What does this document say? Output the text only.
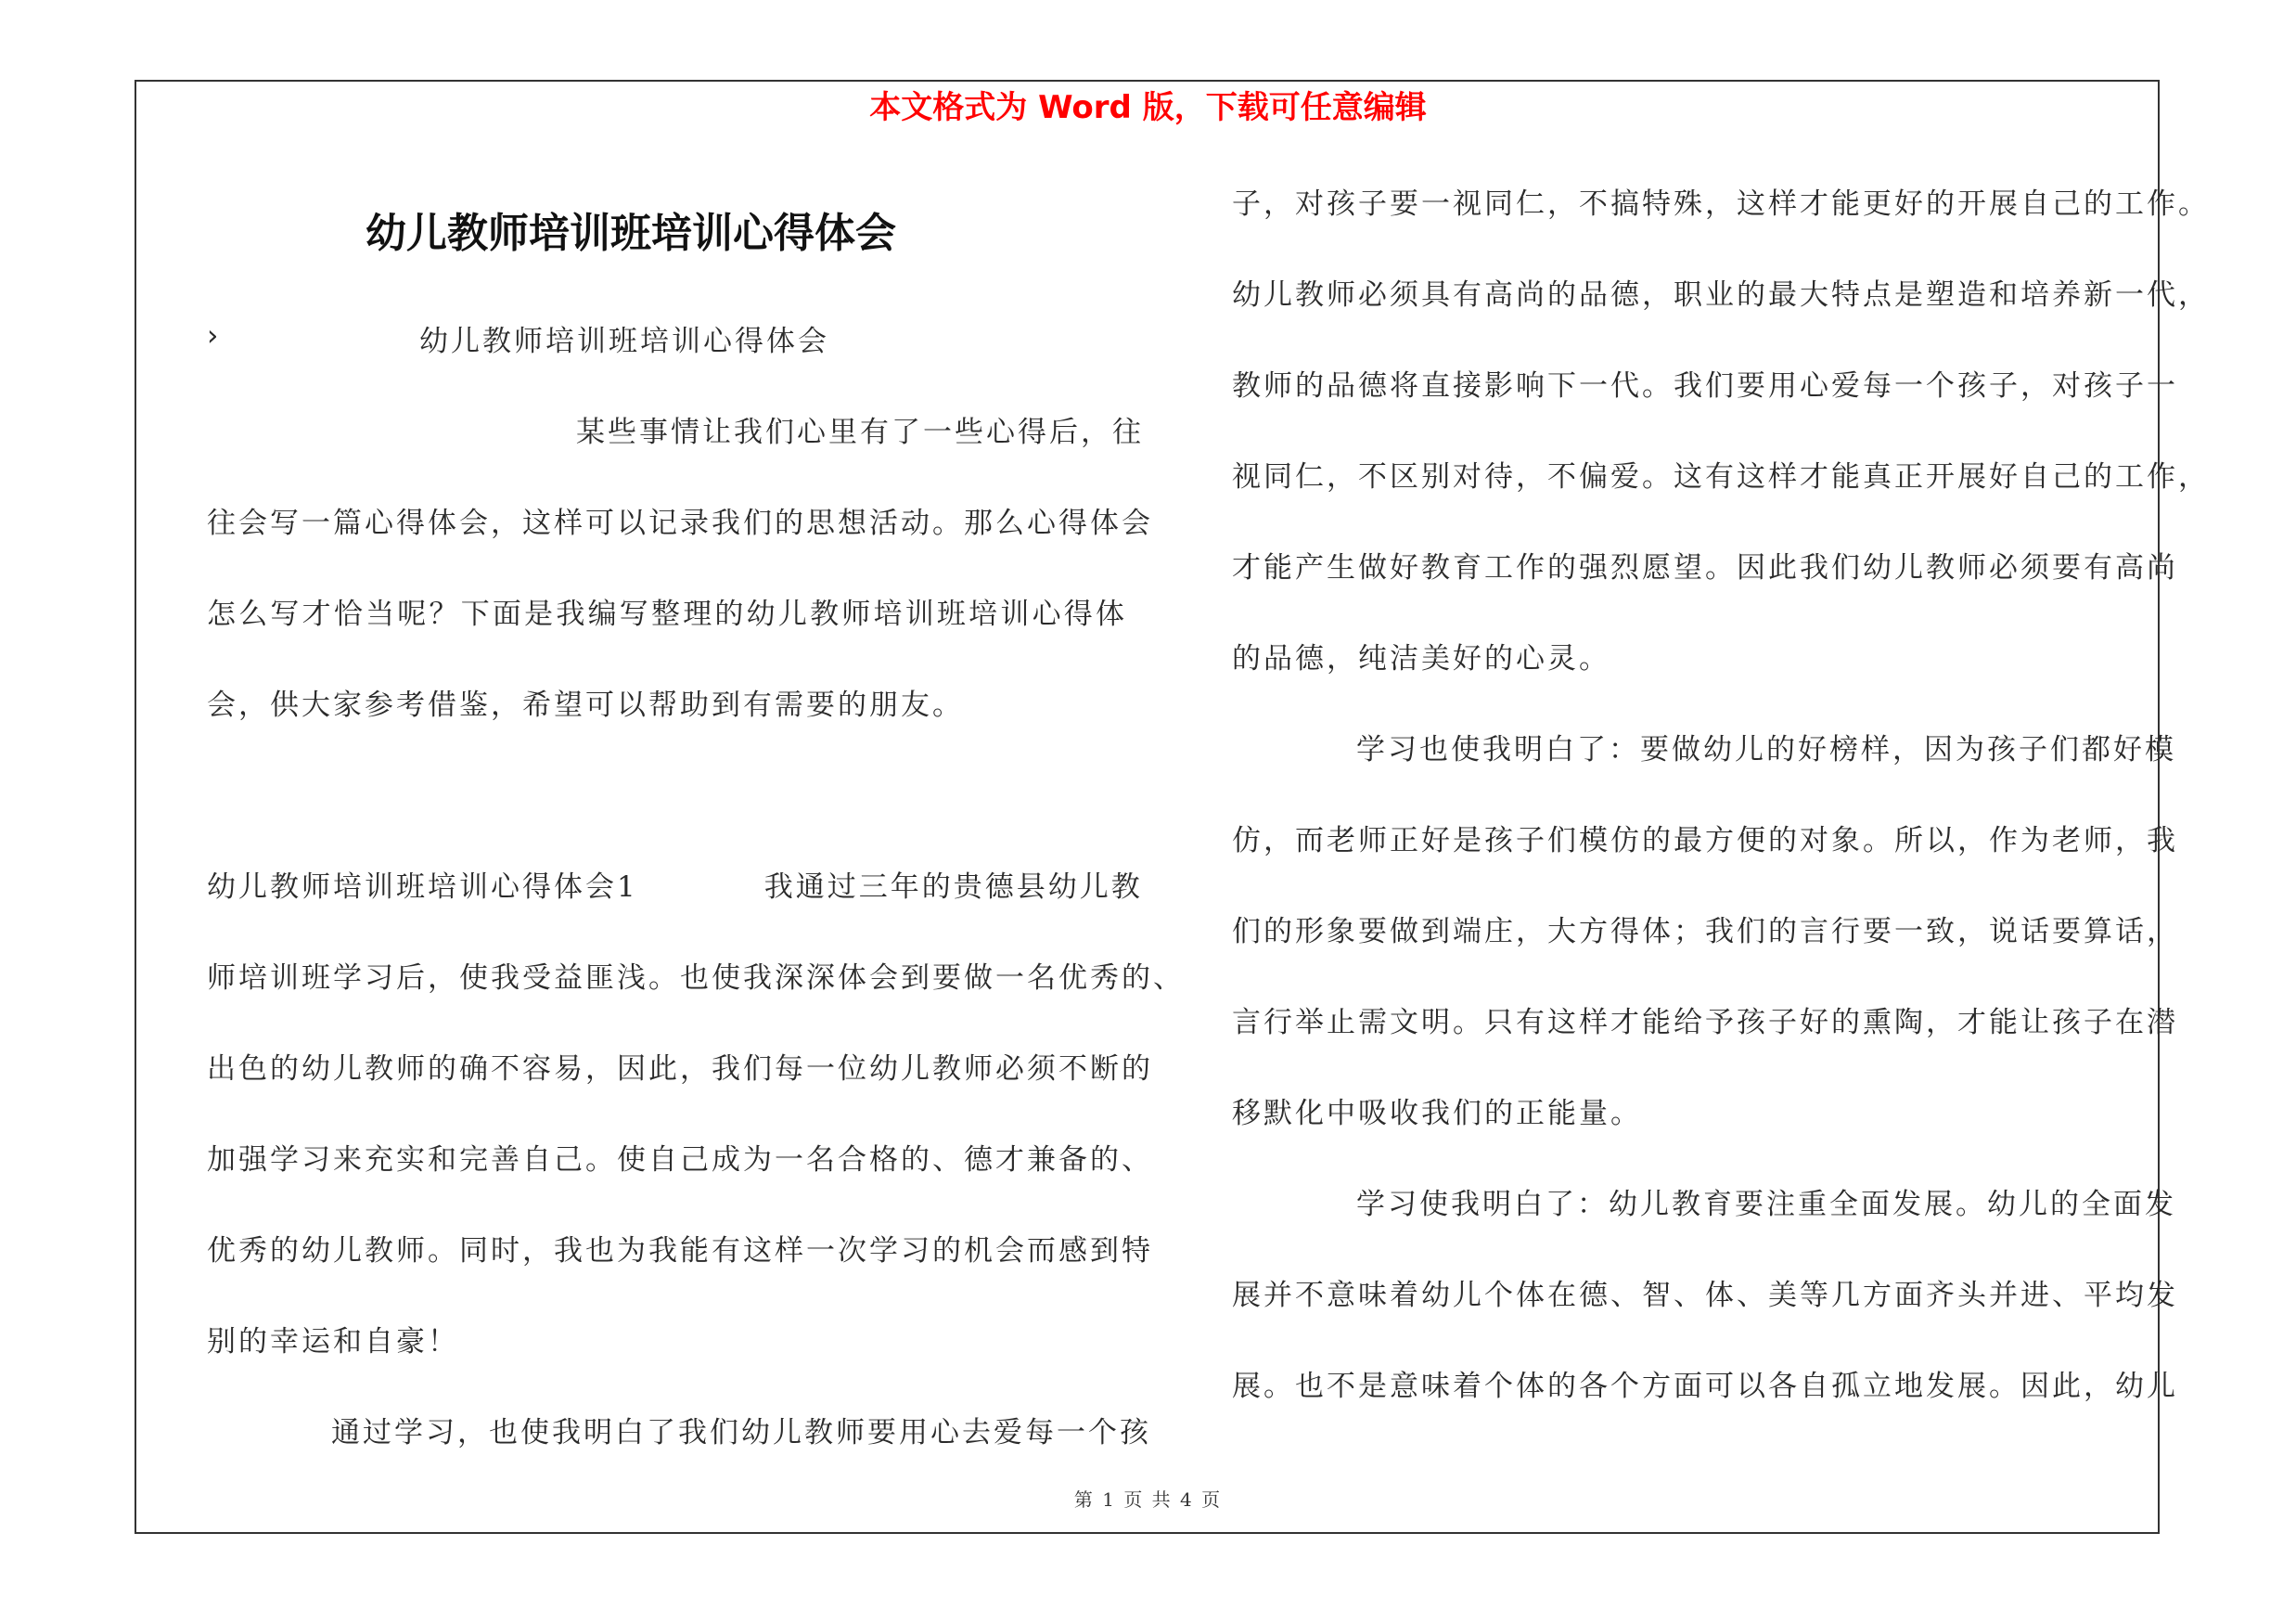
本文格式为 Word 版，下载可任意编辑
幼儿教师培训班培训心得体会
›	幼儿教师培训班培训心得体会
某些事情让我们心里有了一些心得后，往
往会写一篇心得体会，这样可以记录我们的思想活动。那么心得体会
怎么写才恰当呢？下面是我编写整理的幼儿教师培训班培训心得体
会，供大家参考借鉴，希望可以帮助到有需要的朋友。
幼儿教师培训班培训心得体会1　　　　我通过三年的贵德县幼儿教
师培训班学习后，使我受益匪浅。也使我深深体会到要做一名优秀的、
出色的幼儿教师的确不容易，因此，我们每一位幼儿教师必须不断的
加强学习来充实和完善自己。使自己成为一名合格的、德才兼备的、
优秀的幼儿教师。同时，我也为我能有这样一次学习的机会而感到特
别的幸运和自豪！
通过学习，也使我明白了我们幼儿教师要用心去爱每一个孩
子，对孩子要一视同仁，不搞特殊，这样才能更好的开展自己的工作。
幼儿教师必须具有高尚的品德，职业的最大特点是塑造和培养新一代，
教师的品德将直接影响下一代。我们要用心爱每一个孩子，对孩子一
视同仁，不区别对待，不偏爱。这有这样才能真正开展好自己的工作，
才能产生做好教育工作的强烈愿望。因此我们幼儿教师必须要有高尚
的品德，纯洁美好的心灵。
学习也使我明白了：要做幼儿的好榜样，因为孩子们都好模
仿，而老师正好是孩子们模仿的最方便的对象。所以，作为老师，我
们的形象要做到端庄，大方得体；我们的言行要一致，说话要算话，
言行举止需文明。只有这样才能给予孩子好的熏陶，才能让孩子在潜
移默化中吸收我们的正能量。
学习使我明白了：幼儿教育要注重全面发展。幼儿的全面发
展并不意味着幼儿个体在德、智、体、美等几方面齐头并进、平均发
展。也不是意味着个体的各个方面可以各自孤立地发展。因此，幼儿
第 1 页 共 4 页
